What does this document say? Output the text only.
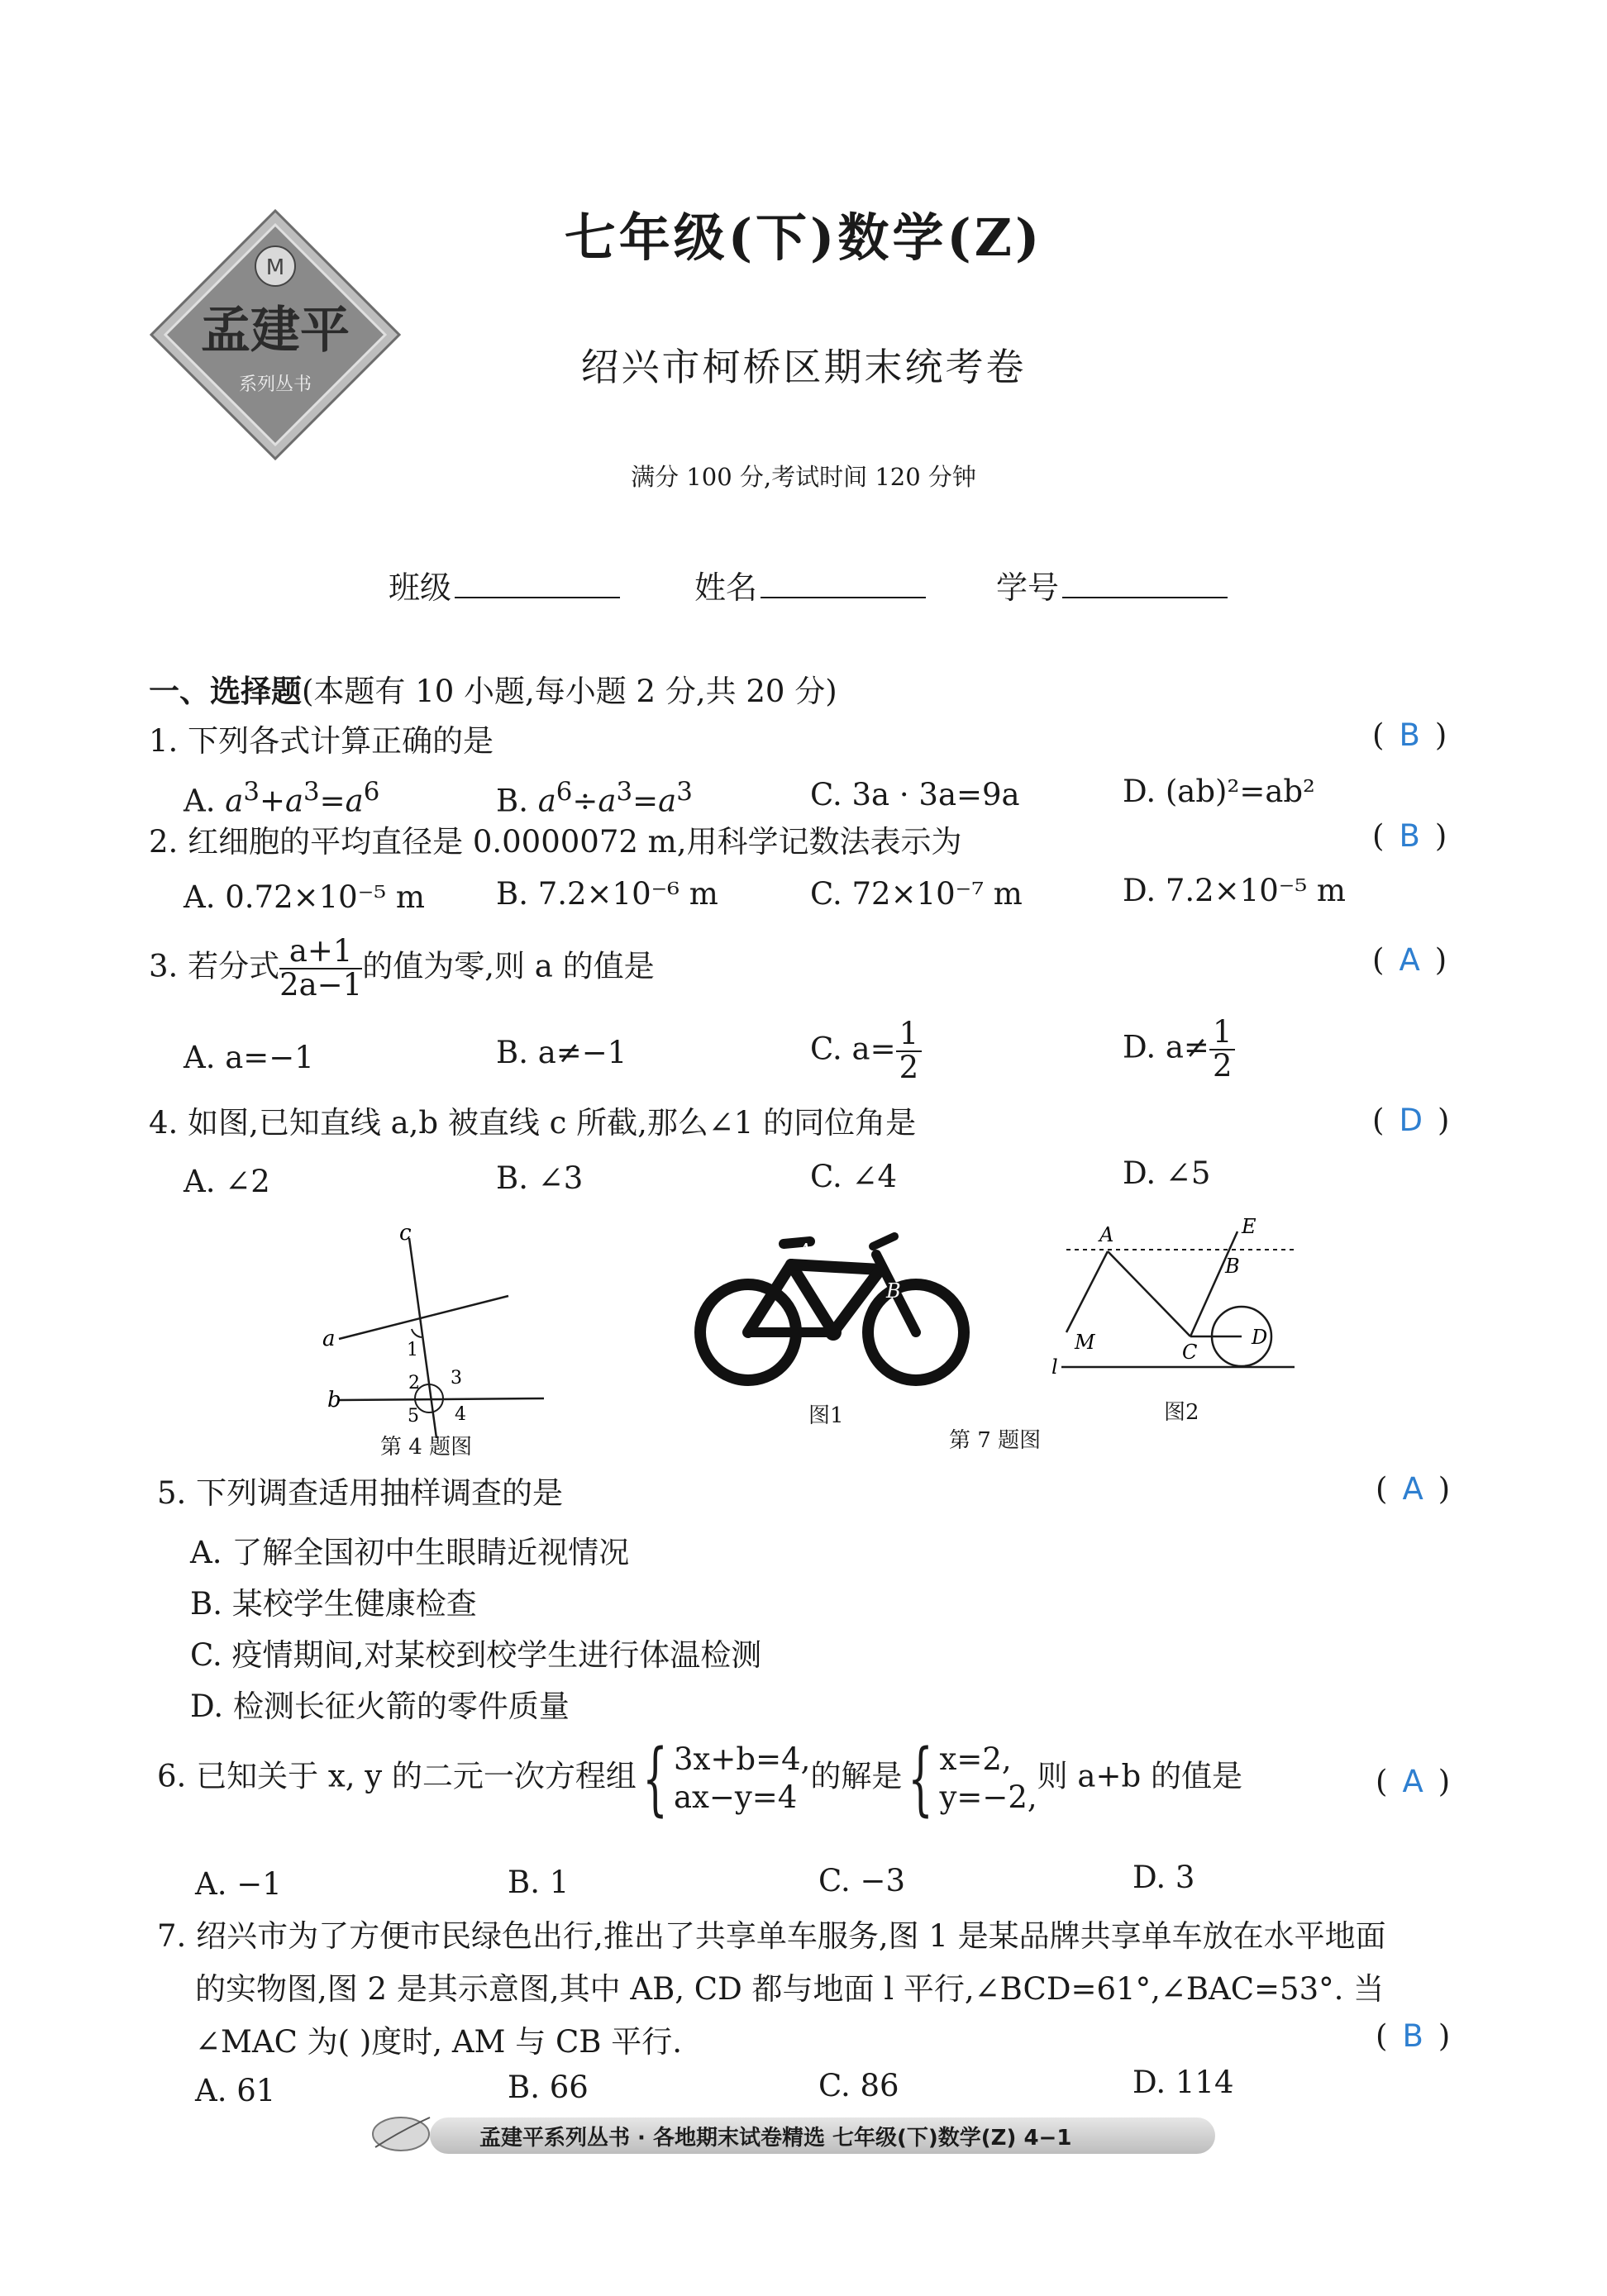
M
孟建平
系列丛书
七年级(下)数学(Z)
绍兴市柯桥区期末统考卷
满分 100 分,考试时间 120 分钟
班级	姓名	学号
一、选择题(本题有 10 小题,每小题 2 分,共 20 分)
1. 下列各式计算正确的是	( B )
A. $a^3+a^3=a^6$	B. $a^6\div a^3=a^3$	C. 3a · 3a=9a	D. (ab)²=ab²
2. 红细胞的平均直径是 0.0000072 m,用科学记数法表示为	( B )
A. 0.72×10⁻⁵ m B. 7.2×10⁻⁶ m	C. 72×10⁻⁷ m	D. 7.2×10⁻⁵ m
3. 若分式 $\frac{a+1}{2a-1}$ 的值为零,则 a 的值是	( A )
A. a=−1	B. a≠−1	C. $a= \frac{1}{2}$	D. $a\ne \frac{1}{2}$
4. 如图,已知直线 a,b 被直线 c 所截,那么∠1 的同位角是	( D )
A. ∠2	B. ∠3	C. ∠4	D. ∠5
c
a
b
1
2 3
5 4
第 4 题图
A
B
M	C	D
图1
A
B
E
M	C
D
l
图2
第 7 题图
5. 下列调查适用抽样调查的是	( A )
A. 了解全国初中生眼睛近视情况
B. 某校学生健康检查
C. 疫情期间,对某校到校学生进行体温检测
D. 检测长征火箭的零件质量
6. 已知关于 x, y 的二元一次方程组{ 3x+b=4,
ax−y=4
的解是{ x=2,
y=−2,
则 a+b 的值是	( A )
A. −1	B. 1	C. −3	D. 3
7. 绍兴市为了方便市民绿色出行,推出了共享单车服务,图 1 是某品牌共享单车放在水平地面
的实物图,图 2 是其示意图,其中 AB, CD 都与地面 l 平行,∠BCD=61°,∠BAC=53°. 当
∠MAC 为( )度时, AM 与 CB 平行.	( B )
A. 61	B. 66	C. 86	D. 114
孟建平系列丛书 · 各地期末试卷精选 七年级(下)数学(Z) 4−1
